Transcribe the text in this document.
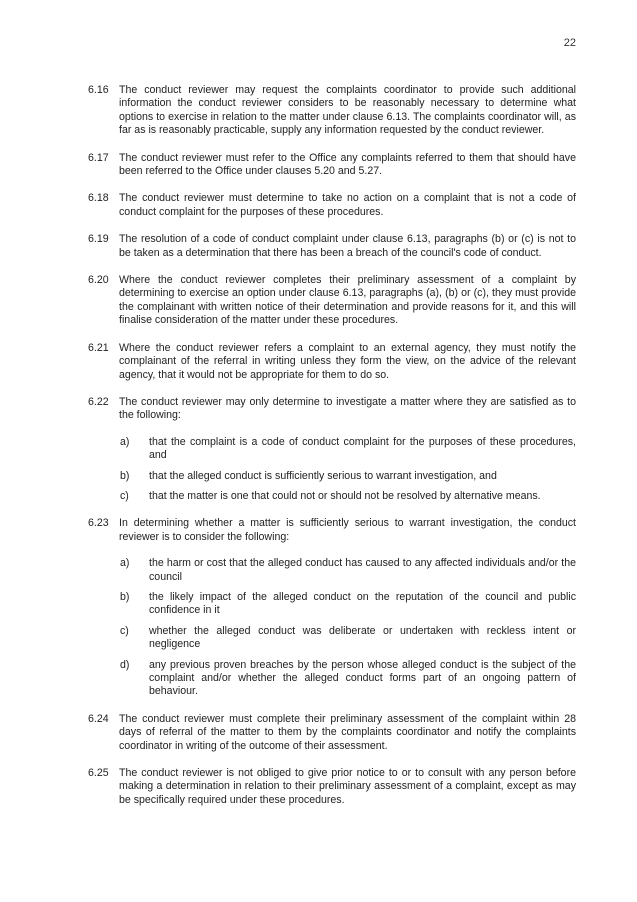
22
6.16 The conduct reviewer may request the complaints coordinator to provide such additional information the conduct reviewer considers to be reasonably necessary to determine what options to exercise in relation to the matter under clause 6.13. The complaints coordinator will, as far as is reasonably practicable, supply any information requested by the conduct reviewer.

6.17 The conduct reviewer must refer to the Office any complaints referred to them that should have been referred to the Office under clauses 5.20 and 5.27.

6.18 The conduct reviewer must determine to take no action on a complaint that is not a code of conduct complaint for the purposes of these procedures.

6.19 The resolution of a code of conduct complaint under clause 6.13, paragraphs (b) or (c) is not to be taken as a determination that there has been a breach of the council's code of conduct.

6.20 Where the conduct reviewer completes their preliminary assessment of a complaint by determining to exercise an option under clause 6.13, paragraphs (a), (b) or (c), they must provide the complainant with written notice of their determination and provide reasons for it, and this will finalise consideration of the matter under these procedures.

6.21 Where the conduct reviewer refers a complaint to an external agency, they must notify the complainant of the referral in writing unless they form the view, on the advice of the relevant agency, that it would not be appropriate for them to do so.

6.22 The conduct reviewer may only determine to investigate a matter where they are satisfied as to the following:

a)	that the complaint is a code of conduct complaint for the purposes of these procedures, and
b)	that the alleged conduct is sufficiently serious to warrant investigation, and
c)	that the matter is one that could not or should not be resolved by alternative means.
6.23 In determining whether a matter is sufficiently serious to warrant investigation, the conduct reviewer is to consider the following:

a)	the harm or cost that the alleged conduct has caused to any affected individuals and/or the council
b)	the likely impact of the alleged conduct on the reputation of the council and public confidence in it
c)	whether the alleged conduct was deliberate or undertaken with reckless intent or negligence
d)	any previous proven breaches by the person whose alleged conduct is the subject of the complaint and/or whether the alleged conduct forms part of an ongoing pattern of behaviour.
6.24 The conduct reviewer must complete their preliminary assessment of the complaint within 28 days of referral of the matter to them by the complaints coordinator and notify the complaints coordinator in writing of the outcome of their assessment.

6.25 The conduct reviewer is not obliged to give prior notice to or to consult with any person before making a determination in relation to their preliminary assessment of a complaint, except as may be specifically required under these procedures.
